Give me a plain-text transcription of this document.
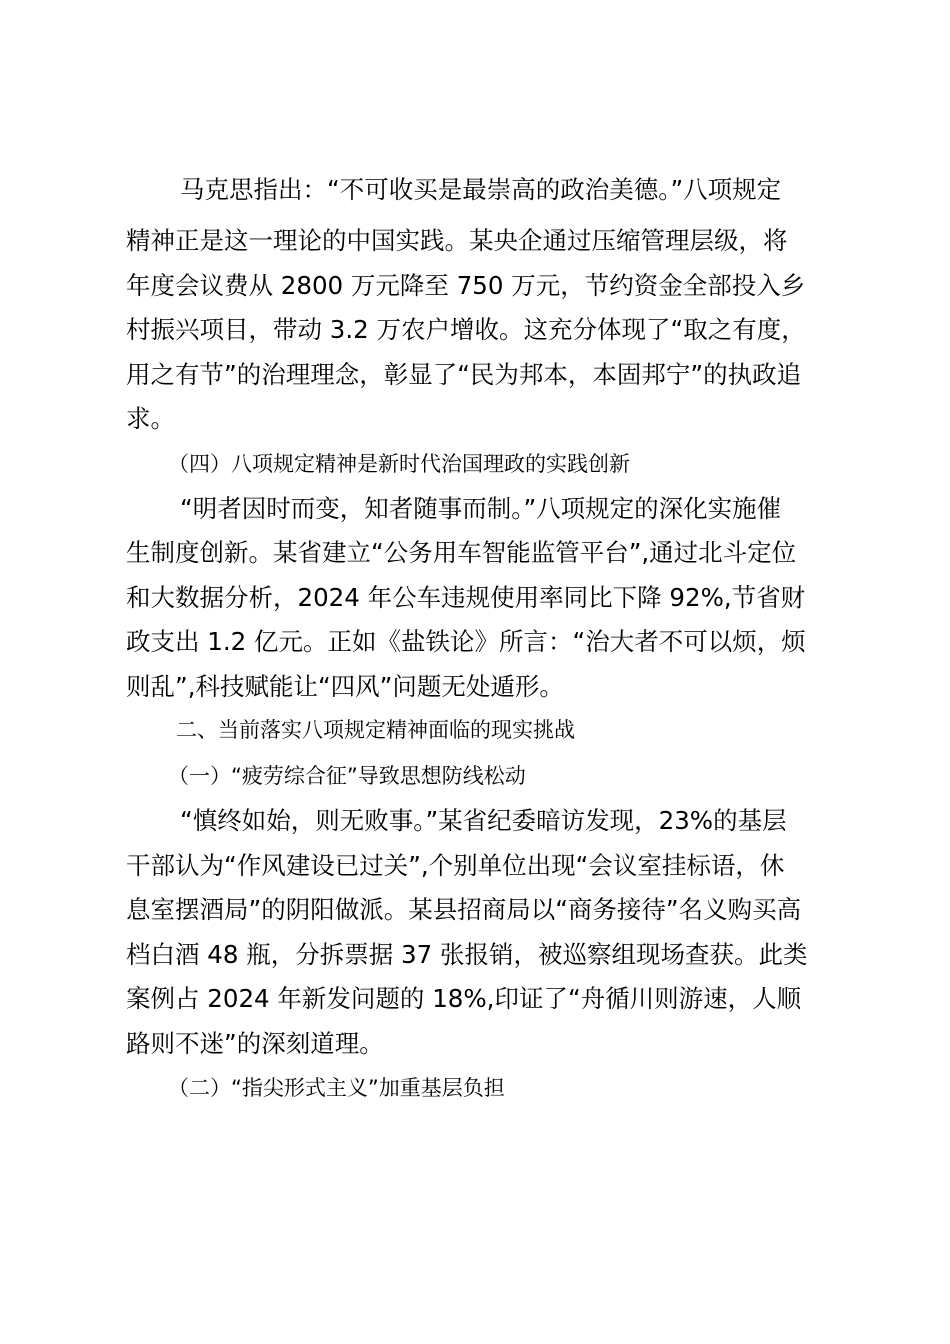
马克思指出：“不可收买是最崇高的政治美德。”八项规定
精神正是这一理论的中国实践。某央企通过压缩管理层级，将
年度会议费从 2800 万元降至 750 万元，节约资金全部投入乡
村振兴项目，带动 3.2 万农户增收。这充分体现了“取之有度，
用之有节”的治理理念，彰显了“民为邦本，本固邦宁”的执政追
求。
（四）八项规定精神是新时代治国理政的实践创新
“明者因时而变，知者随事而制。”八项规定的深化实施催
生制度创新。某省建立“公务用车智能监管平台”,通过北斗定位
和大数据分析，2024 年公车违规使用率同比下降 92%,节省财
政支出 1.2 亿元。正如《盐铁论》所言：“治大者不可以烦，烦
则乱”,科技赋能让“四风”问题无处遁形。
二、当前落实八项规定精神面临的现实挑战
（一）“疲劳综合征”导致思想防线松动
“慎终如始，则无败事。”某省纪委暗访发现，23%的基层
干部认为“作风建设已过关”,个别单位出现“会议室挂标语，休
息室摆酒局”的阴阳做派。某县招商局以“商务接待”名义购买高
档白酒 48 瓶，分拆票据 37 张报销，被巡察组现场查获。此类
案例占 2024 年新发问题的 18%,印证了“舟循川则游速，人顺
路则不迷”的深刻道理。
（二）“指尖形式主义”加重基层负担
